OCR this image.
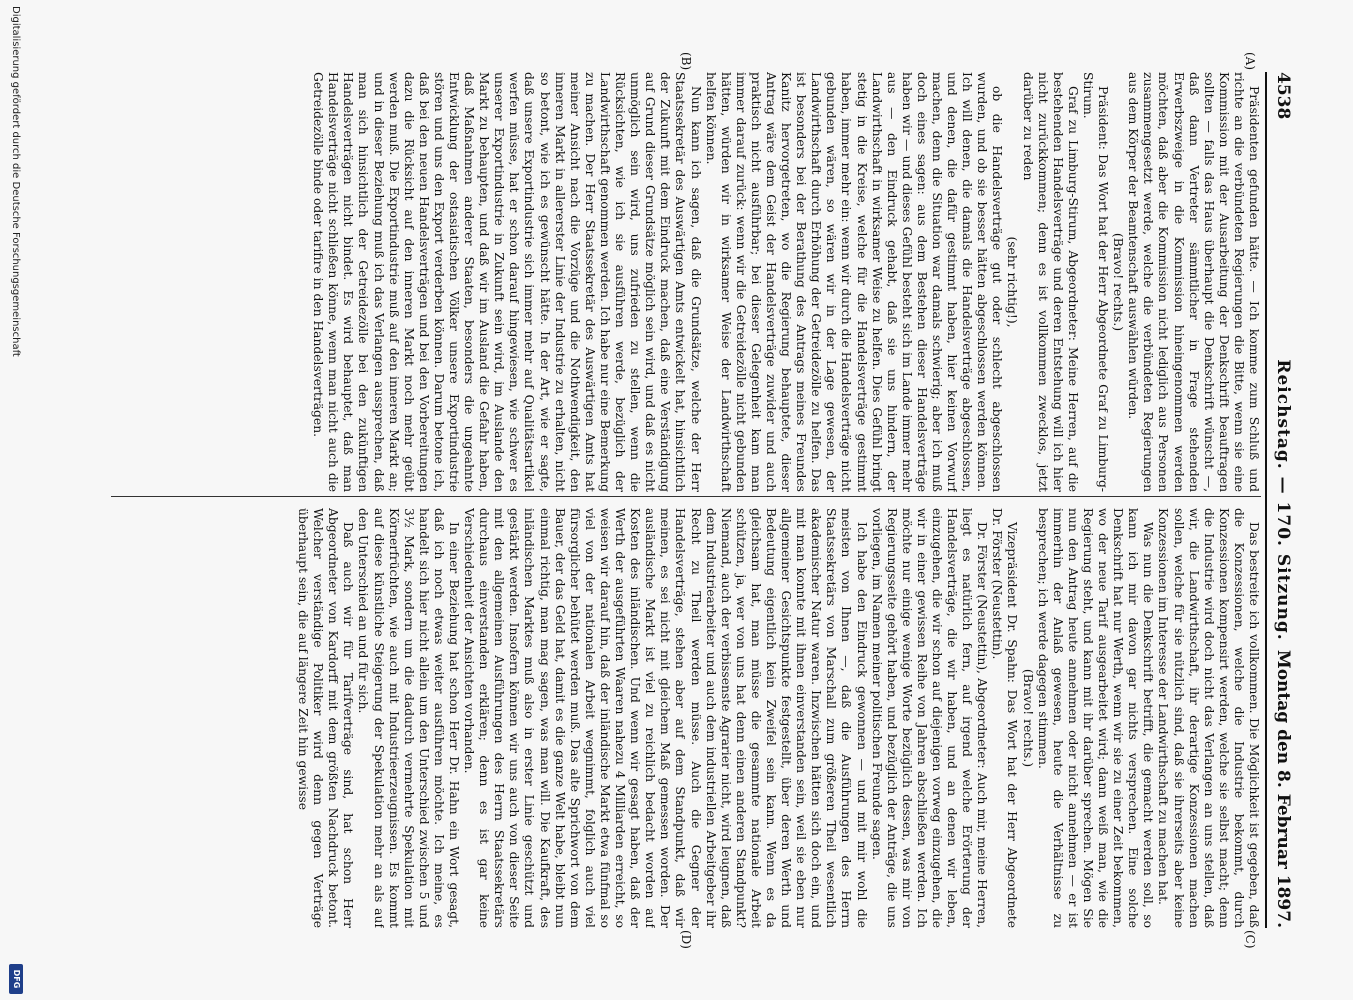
4538
Reichstag. — 170. Sitzung.
Montag den 8. Februar 1897.
(A)
(B)
(C)
(D)

Präsidenten gefunden hätte. — Ich komme zum Schluß und richte an die verbündeten Regierungen die Bitte, wenn sie eine Kommission mit der Ausarbeitung der Denkschrift beauftragen sollten — falls das Haus überhaupt die Denkschrift wünscht —, daß dann Vertreter sämmtlicher in Frage stehenden Erwerbszweige in die Kommission hineingenommen werden möchten, daß aber die Kommission nicht lediglich aus Personen zusammengesetzt werde, welche die verbündeten Regierungen aus dem Körper der Beamtenschaft auswählen würden.

(Bravo! rechts.)

Präsident: Das Wort hat der Herr Abgeordnete Graf zu Limburg-Stirum.

Graf zu Limburg-Stirum, Abgeordneter: Meine Herren, auf die bestehenden Handelsverträge und deren Entstehung will ich hier nicht zurückkommen; denn es ist vollkommen zwecklos, jetzt darüber zu reden

(sehr richtig!),

ob die Handelsverträge gut oder schlecht abgeschlossen wurden, und ob sie besser hätten abgeschlossen werden können. Ich will denen, die damals die Handelsverträge abgeschlossen, und denen, die dafür gestimmt haben, hier keinen Vorwurf machen, denn die Situation war damals schwierig; aber ich muß doch eines sagen: aus dem Bestehen dieser Handelsverträge haben wir — und dieses Gefühl besteht sich im Lande immer mehr aus — den Eindruck gehabt, daß sie uns hindern, der Landwirthschaft in wirksamer Weise zu helfen. Dies Gefühl bringt stetig in die Kreise, welche für die Handelsverträge gestimmt haben, immer mehr ein: wenn wir durch die Handelsverträge nicht gebunden wären, so wären wir in der Lage gewesen, der Landwirthschaft durch Erhöhung der Getreidezölle zu helfen. Das ist besonders bei der Berathung des Antrags meines Freundes Kanitz hervorgetreten, wo die Regierung behauptete, dieser Antrag wäre dem Geist der Handelsverträge zuwider und auch praktisch nicht ausführbar; bei dieser Gelegenheit kam man immer darauf zurück: wenn wir die Getreidezölle nicht gebunden hätten, würden wir in wirksamer Weise der Landwirthschaft helfen können.

Nun kann ich sagen, daß die Grundsätze, welche der Herr Staatssekretär des Auswärtigen Amts entwickelt hat, hinsichtlich der Zukunft mit dem Eindruck machen, daß eine Verständigung auf Grund dieser Grundsätze möglich sein wird, und daß es nicht unmöglich sein wird, uns zufrieden zu stellen, wenn die Rücksichten, wie ich sie ausführen werde, bezüglich der Landwirthschaft genommen werden. Ich habe nur eine Bemerkung zu machen. Der Herr Staatssekretär des Auswärtigen Amts hat meiner Ansicht nach die Vorzüge und die Nothwendigkeit, den inneren Markt in allererster Linie der Industrie zu erhalten, nicht so betont, wie ich es gewünscht hätte. In der Art, wie er sagte, daß unsere Exportindustrie sich immer mehr auf Qualitätsartikel werfen müsse, hat er schon darauf hingewiesen, wie schwer es unserer Exportindustrie in Zukunft sein wird, im Auslande den Markt zu behaupten, und daß wir im Ausland die Gefahr haben, daß Maßnahmen anderer Staaten, besonders die ungeahnte Entwicklung der ostasiatischen Völker unsere Exportindustrie stören und uns den Export verderben können. Darum betone ich, daß bei den neuen Handelsverträgen und bei den Vorbereitungen dazu die Rücksicht auf den inneren Markt noch mehr geübt werden muß. Die Exportindustrie muß auf den inneren Markt an; und in dieser Beziehung muß ich das Verlangen aussprechen, daß man sich hinsichtlich der Getreidezölle bei den zukünftigen Handelsverträgen nicht bindet. Es wird behauptet, daß man Handelsverträge nicht schließen könne, wenn man nicht auch die Getreidezölle binde oder tarifire in den Handelsverträgen.

Das bestreite ich vollkommen. Die Möglichkeit ist gegeben, daß die Konzessionen, welche die Industrie bekommt, durch Konzessionen kompensirt werden, welche sie selbst macht; denn die Industrie wird doch nicht das Verlangen an uns stellen, daß wir, die Landwirthschaft, ihr derartige Konzessionen machen sollen, welche für sie nützlich sind, daß sie ihrerseits aber keine Konzessionen im Interesse der Landwirthschaft zu machen hat.

Was nun die Denkschrift betrifft, die gemacht werden soll, so kann ich mir davon gar nichts versprechen. Eine solche Denkschrift hat nur Werth, wenn wir sie zu einer Zeit bekommen, wo der neue Tarif ausgearbeitet wird; dann weiß man, wie die Regierung steht, und kann mit ihr darüber sprechen. Mögen Sie nun den Antrag heute annehmen oder nicht annehmen — er ist immerhin der Anlaß gewesen, heute die Verhältnisse zu besprechen; ich werde dagegen stimmen.

(Bravo! rechts.)

Vizepräsident Dr. Spahn: Das Wort hat der Herr Abgeordnete Dr. Förster (Neustettin).

Dr. Förster (Neustettin), Abgeordneter: Auch mir, meine Herren, liegt es natürlich fern, auf irgend welche Erörterung der Handelsverträge, die wir haben, und an denen wir leben, einzugehen, die wir schon auf diejenigen vorweg einzugehen, die wir in einer gewissen Reihe von Jahren abschließen werden. Ich möchte nur einige wenige Worte bezüglich dessen, was mir von Regierungsseite gehört haben, und bezüglich der Anträge, die uns vorliegen, im Namen meiner politischen Freunde sagen.

Ich habe den Eindruck gewonnen — und mit mir wohl die meisten von Ihnen —, daß die Ausführungen des Herrn Staatssekretärs von Marschall zum größeren Theil wesentlich akademischer Natur waren. Inzwischen hätten sich doch ein, und mit man konnte mit ihnen einverstanden sein, weil sie eben nur allgemeiner Gesichtspunkte festgestellt, über deren Werth und Bedeutung eigentlich kein Zweifel sein kann. Wenn es da gleichsam hat, man müsse die gesammte nationale Arbeit schützen, ja, wer von uns hat denn einen anderen Standpunkt? Niemand, auch der verbissenste Agrarier nicht, wird leugnen, daß dem Industriearbeiter und auch dem industriellen Arbeitgeber ihr Recht zu Theil werden müsse. Auch die Gegner der Handelsverträge, stehen aber auf dem Standpunkt, daß wir meinen, es sei nicht mit gleichem Maß gemessen worden. Der ausländische Markt ist viel zu reichlich bedacht worden auf Kosten des inländischen. Und wenn wir gesagt haben, daß der Werth der ausgeführten Waaren nahezu 4 Milliarden erreicht, so weisen wir darauf hin, daß der inländische Markt etwa fünfmal so viel von der nationalen Arbeit wegnimmt, folglich auch viel fürsorglicher behütet werden muß. Das alte Sprichwort von dem Bauer, der das Geld hat, damit es die ganze Welt habe, bleibt nun einmal richtig, man mag sagen, was man will. Die Kaufkraft, des inländischen Marktes muß also in erster Linie geschützt und gestärkt werden. Insofern können wir uns auch von dieser Seite mit den allgemeinen Ausführungen des Herrn Staatssekretärs durchaus einverstanden erklären; denn es ist gar keine Verschiedenheit der Ansichten vorhanden.

In einer Beziehung hat schon Herr Dr. Hahn ein Wort gesagt, daß ich noch etwas weiter ausführen möchte. Ich meine, es handelt sich hier nicht allein um den Unterschied zwischen 5 und 3½ Mark, sondern um die dadurch vermehrte Spekulation mit Körnerfrüchten, wie auch mit Industrieerzeugnissen. Es kommt auf diese künstliche Steigerung der Spekulation mehr an als auf den Unterschied an und für sich.

Daß auch wir für Tarifverträge sind, hat schon Herr Abgeordneter von Kardorff mit dem größten Nachdruck betont. Welcher verständige Politiker wird denn gegen Verträge überhaupt sein, die auf längere Zeit hin gewisse

Digitalisierung gefördert durch die Deutsche Forschungsgemeinschaft
DFG
